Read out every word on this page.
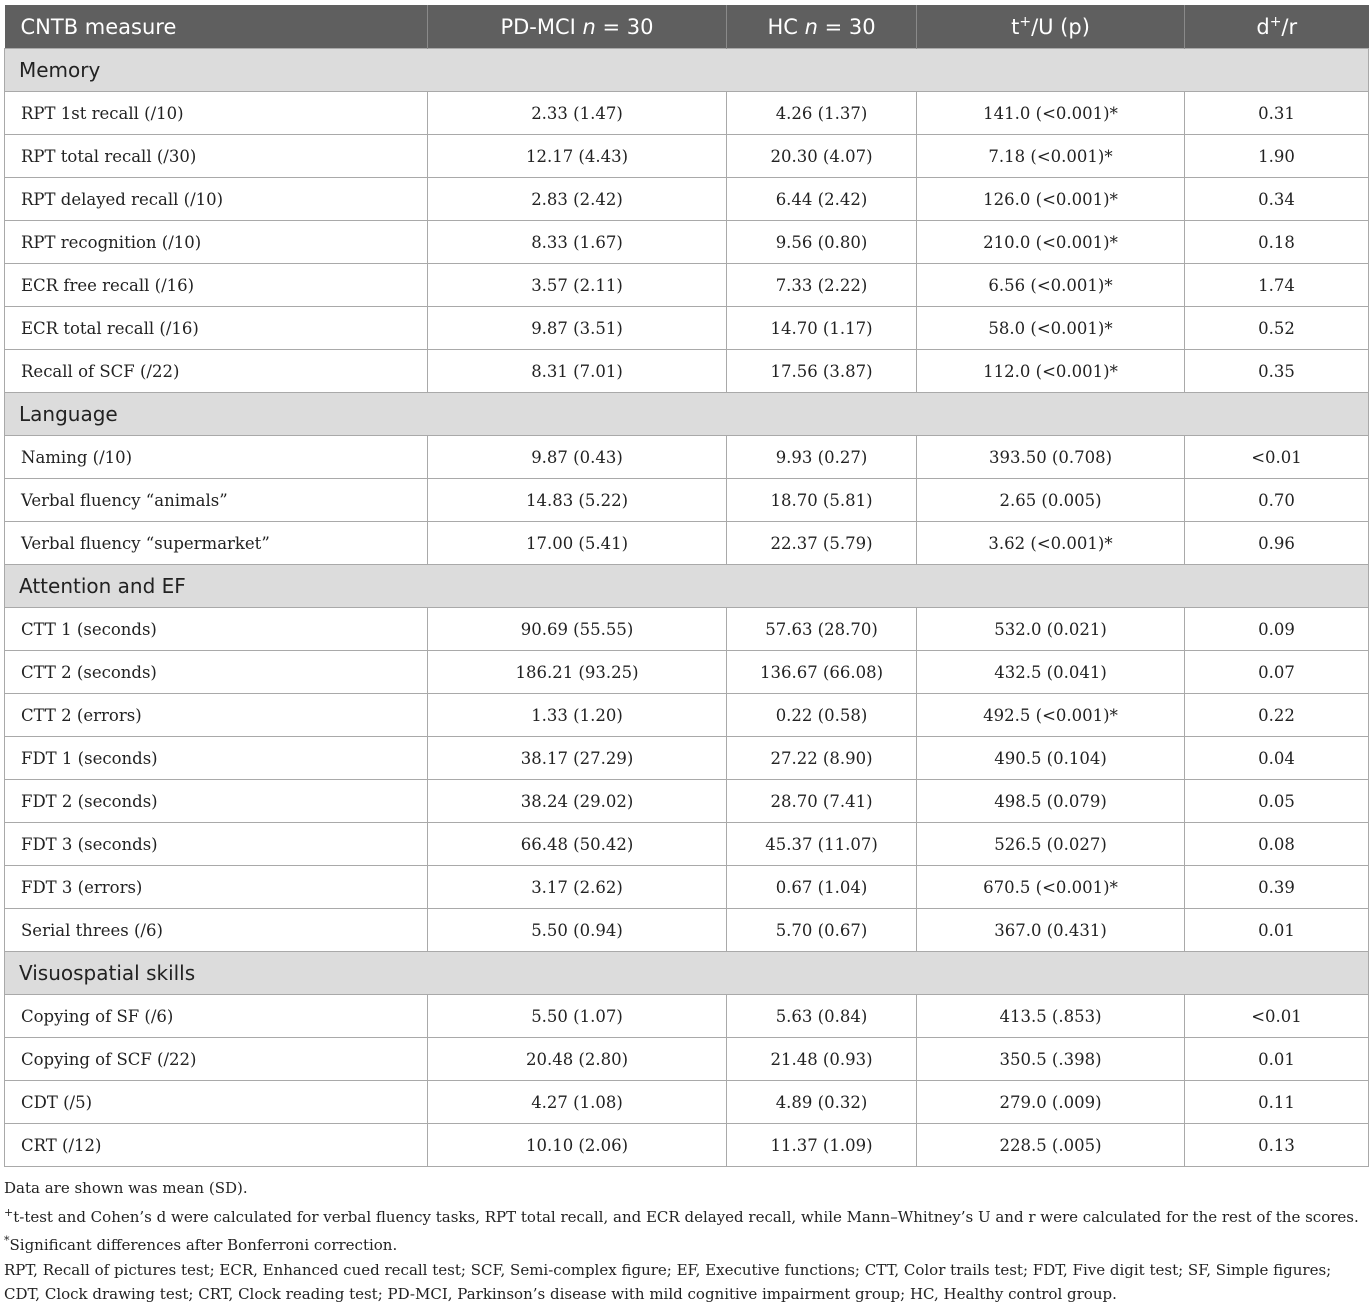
CNTB measure	PD-MCI n = 30	HC n = 30	t+/U (p)	d+/r
Memory				
RPT 1st recall (/10)	2.33 (1.47)	4.26 (1.37)	141.0 (<0.001)*	0.31
RPT total recall (/30)	12.17 (4.43)	20.30 (4.07)	7.18 (<0.001)*	1.90
RPT delayed recall (/10)	2.83 (2.42)	6.44 (2.42)	126.0 (<0.001)*	0.34
RPT recognition (/10)	8.33 (1.67)	9.56 (0.80)	210.0 (<0.001)*	0.18
ECR free recall (/16)	3.57 (2.11)	7.33 (2.22)	6.56 (<0.001)*	1.74
ECR total recall (/16)	9.87 (3.51)	14.70 (1.17)	58.0 (<0.001)*	0.52
Recall of SCF (/22)	8.31 (7.01)	17.56 (3.87)	112.0 (<0.001)*	0.35
Language				
Naming (/10)	9.87 (0.43)	9.93 (0.27)	393.50 (0.708)	<0.01
Verbal fluency “animals”	14.83 (5.22)	18.70 (5.81)	2.65 (0.005)	0.70
Verbal fluency “supermarket”	17.00 (5.41)	22.37 (5.79)	3.62 (<0.001)*	0.96
Attention and EF				
CTT 1 (seconds)	90.69 (55.55)	57.63 (28.70)	532.0 (0.021)	0.09
CTT 2 (seconds)	186.21 (93.25)	136.67 (66.08)	432.5 (0.041)	0.07
CTT 2 (errors)	1.33 (1.20)	0.22 (0.58)	492.5 (<0.001)*	0.22
FDT 1 (seconds)	38.17 (27.29)	27.22 (8.90)	490.5 (0.104)	0.04
FDT 2 (seconds)	38.24 (29.02)	28.70 (7.41)	498.5 (0.079)	0.05
FDT 3 (seconds)	66.48 (50.42)	45.37 (11.07)	526.5 (0.027)	0.08
FDT 3 (errors)	3.17 (2.62)	0.67 (1.04)	670.5 (<0.001)*	0.39
Serial threes (/6)	5.50 (0.94)	5.70 (0.67)	367.0 (0.431)	0.01
Visuospatial skills				
Copying of SF (/6)	5.50 (1.07)	5.63 (0.84)	413.5 (.853)	<0.01
Copying of SCF (/22)	20.48 (2.80)	21.48 (0.93)	350.5 (.398)	0.01
CDT (/5)	4.27 (1.08)	4.89 (0.32)	279.0 (.009)	0.11
CRT (/12)	10.10 (2.06)	11.37 (1.09)	228.5 (.005)	0.13

Data are shown was mean (SD).

+t-test and Cohen’s d were calculated for verbal fluency tasks, RPT total recall, and ECR delayed recall, while Mann–Whitney’s U and r were calculated for the rest of the scores.

*Significant differences after Bonferroni correction.

RPT, Recall of pictures test; ECR, Enhanced cued recall test; SCF, Semi-complex figure; EF, Executive functions; CTT, Color trails test; FDT, Five digit test; SF, Simple figures; CDT, Clock drawing test; CRT, Clock reading test; PD-MCI, Parkinson’s disease with mild cognitive impairment group; HC, Healthy control group.
